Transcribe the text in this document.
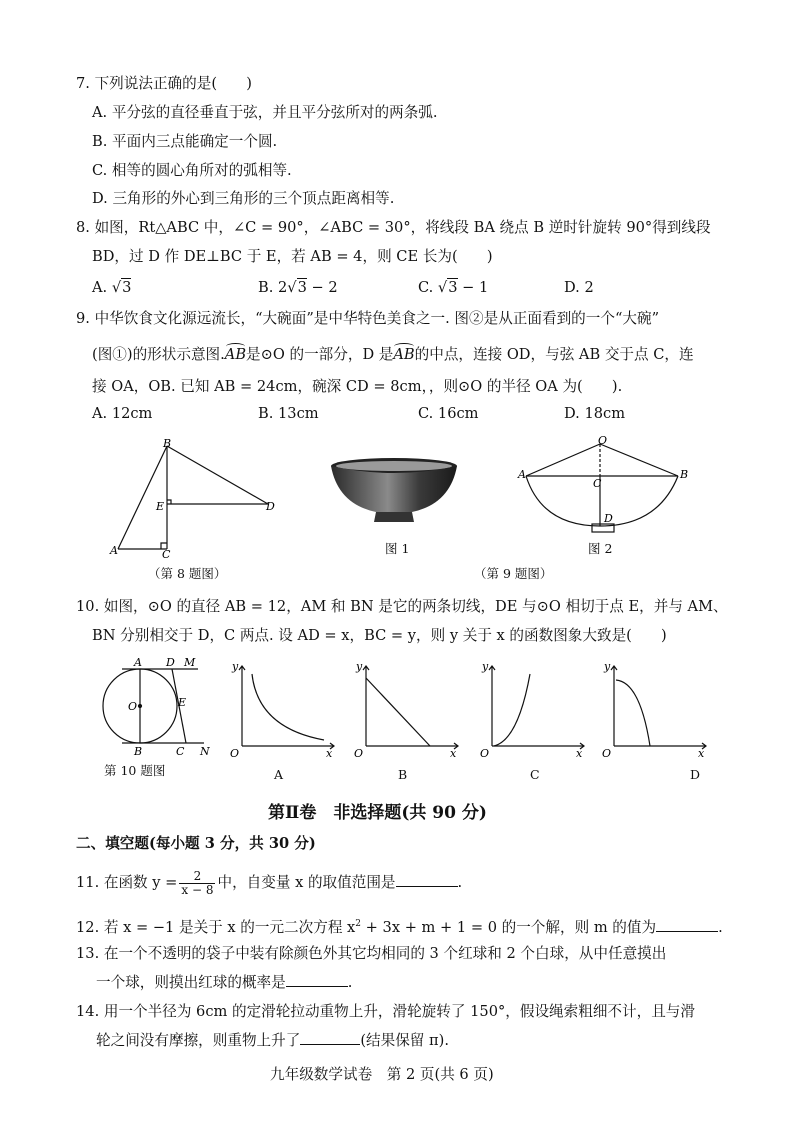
7. 下列说法正确的是(　　)
A. 平分弦的直径垂直于弦，并且平分弦所对的两条弧.
B. 平面内三点能确定一个圆.
C. 相等的圆心角所对的弧相等.
D. 三角形的外心到三角形的三个顶点距离相等.
8. 如图，Rt△ABC 中，∠C = 90°，∠ABC = 30°，将线段 BA 绕点 B 逆时针旋转 90°得到线段
BD，过 D 作 DE⊥BC 于 E，若 AB = 4，则 CE 长为(　　)
A. √3	B. 2√3 − 2	C. √3 − 1	D. 2
9. 中华饮食文化源远流长，“大碗面”是中华特色美食之一. 图②是从正面看到的一个“大碗”
(图①)的形状示意图.AB是⊙O 的一部分，D 是AB的中点，连接 OD，与弦 AB 交于点 C，连
接 OA，OB. 已知 AB = 24cm，碗深 CD = 8cm，，则⊙O 的半径 OA 为(　　).
A. 12cm	B. 13cm	C. 16cm	D. 18cm
B
E	D
A	C
（第 8 题图）
图 1
O
A	B
C
D
图 2
（第 9 题图）
10. 如图，⊙O 的直径 AB = 12，AM 和 BN 是它的两条切线，DE 与⊙O 相切于点 E，并与 AM、
BN 分别相交于 D，C 两点. 设 AD = x，BC = y，则 y 关于 x 的函数图象大致是(　　)
A D M
O	E
B	C N
第 10 题图
y
x
O
A
y
x
O
B
y
x
O
C
y
x
O
D
第Ⅱ卷　非选择题(共 90 分)
二、填空题(每小题 3 分，共 30 分)
11. 在函数 $y = \frac{2}{x - 8}$ 中，自变量 x 的取值范围是	.
12. 若 x = −1 是关于 x 的一元二次方程 $x^2 + 3x + m + 1 = 0$ 的一个解，则 m 的值为	.
13. 在一个不透明的袋子中装有除颜色外其它均相同的 3 个红球和 2 个白球，从中任意摸出
一个球，则摸出红球的概率是	.
14. 用一个半径为 6cm 的定滑轮拉动重物上升，滑轮旋转了 150°，假设绳索粗细不计，且与滑
轮之间没有摩擦，则重物上升了	(结果保留 π).
九年级数学试卷　第 2 页(共 6 页)
